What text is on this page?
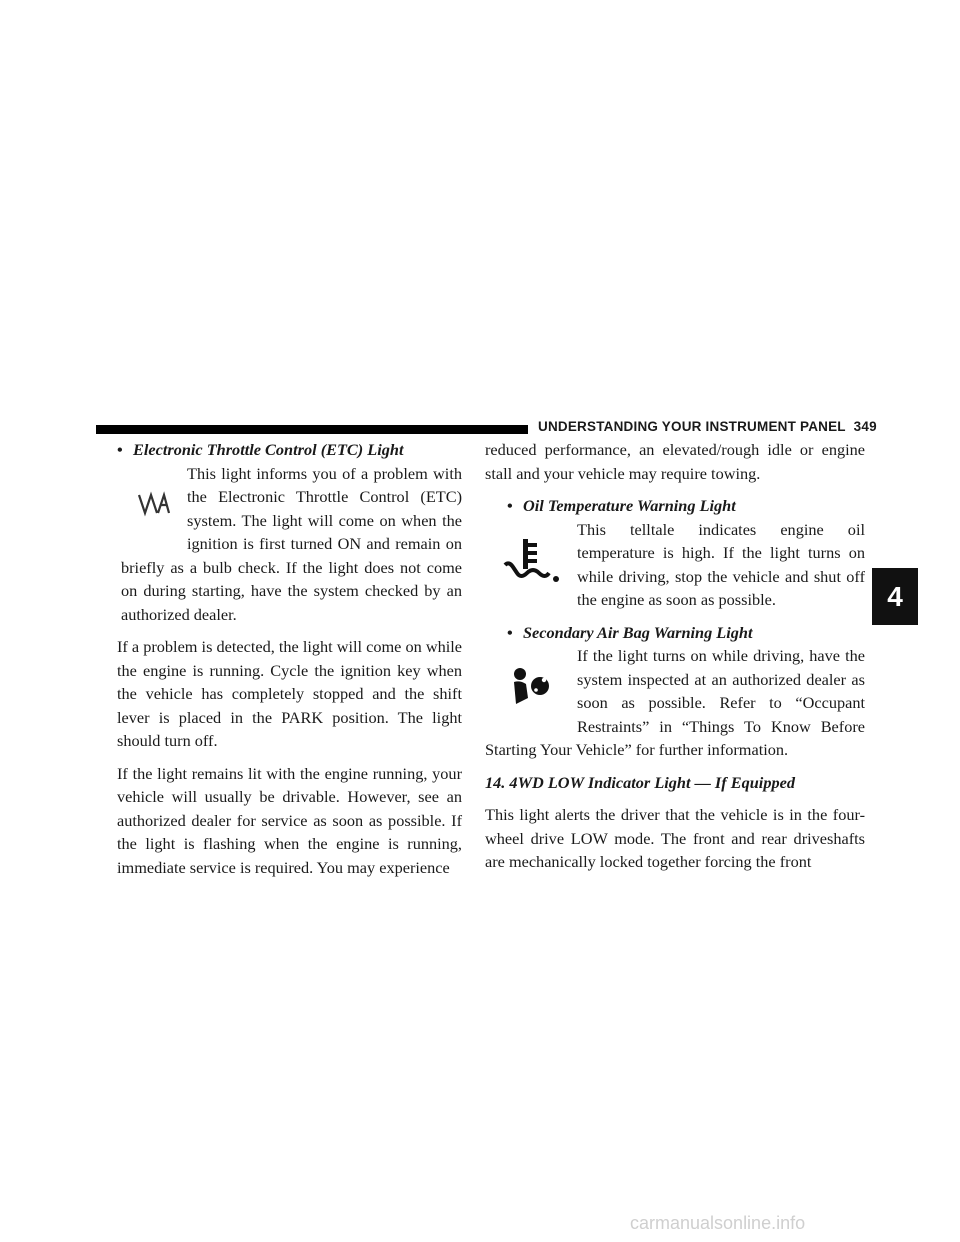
UNDERSTANDING YOUR INSTRUMENT PANEL 349

• Electronic Throttle Control (ETC) Light

This light informs you of a problem with the Electronic Throttle Control (ETC) system. The light will come on when the ignition is first turned ON and remain on briefly as a bulb check. If the light does not come on during starting, have the system checked by an authorized dealer.

If a problem is detected, the light will come on while the engine is running. Cycle the ignition key when the vehicle has completely stopped and the shift lever is placed in the PARK position. The light should turn off.

If the light remains lit with the engine running, your vehicle will usually be drivable. However, see an authorized dealer for service as soon as possible. If the light is flashing when the engine is running, immediate service is required. You may experience

reduced performance, an elevated/rough idle or engine stall and your vehicle may require towing.

• Oil Temperature Warning Light

This telltale indicates engine oil temperature is high. If the light turns on while driving, stop the vehicle and shut off the engine as soon as possible.

• Secondary Air Bag Warning Light

If the light turns on while driving, have the system inspected at an authorized dealer as soon as possible. Refer to “Occupant Restraints” in “Things To Know Before Starting Your Vehicle” for further information.

14. 4WD LOW Indicator Light — If Equipped

This light alerts the driver that the vehicle is in the four-wheel drive LOW mode. The front and rear driveshafts are mechanically locked together forcing the front

4
carmanualsonline.info
